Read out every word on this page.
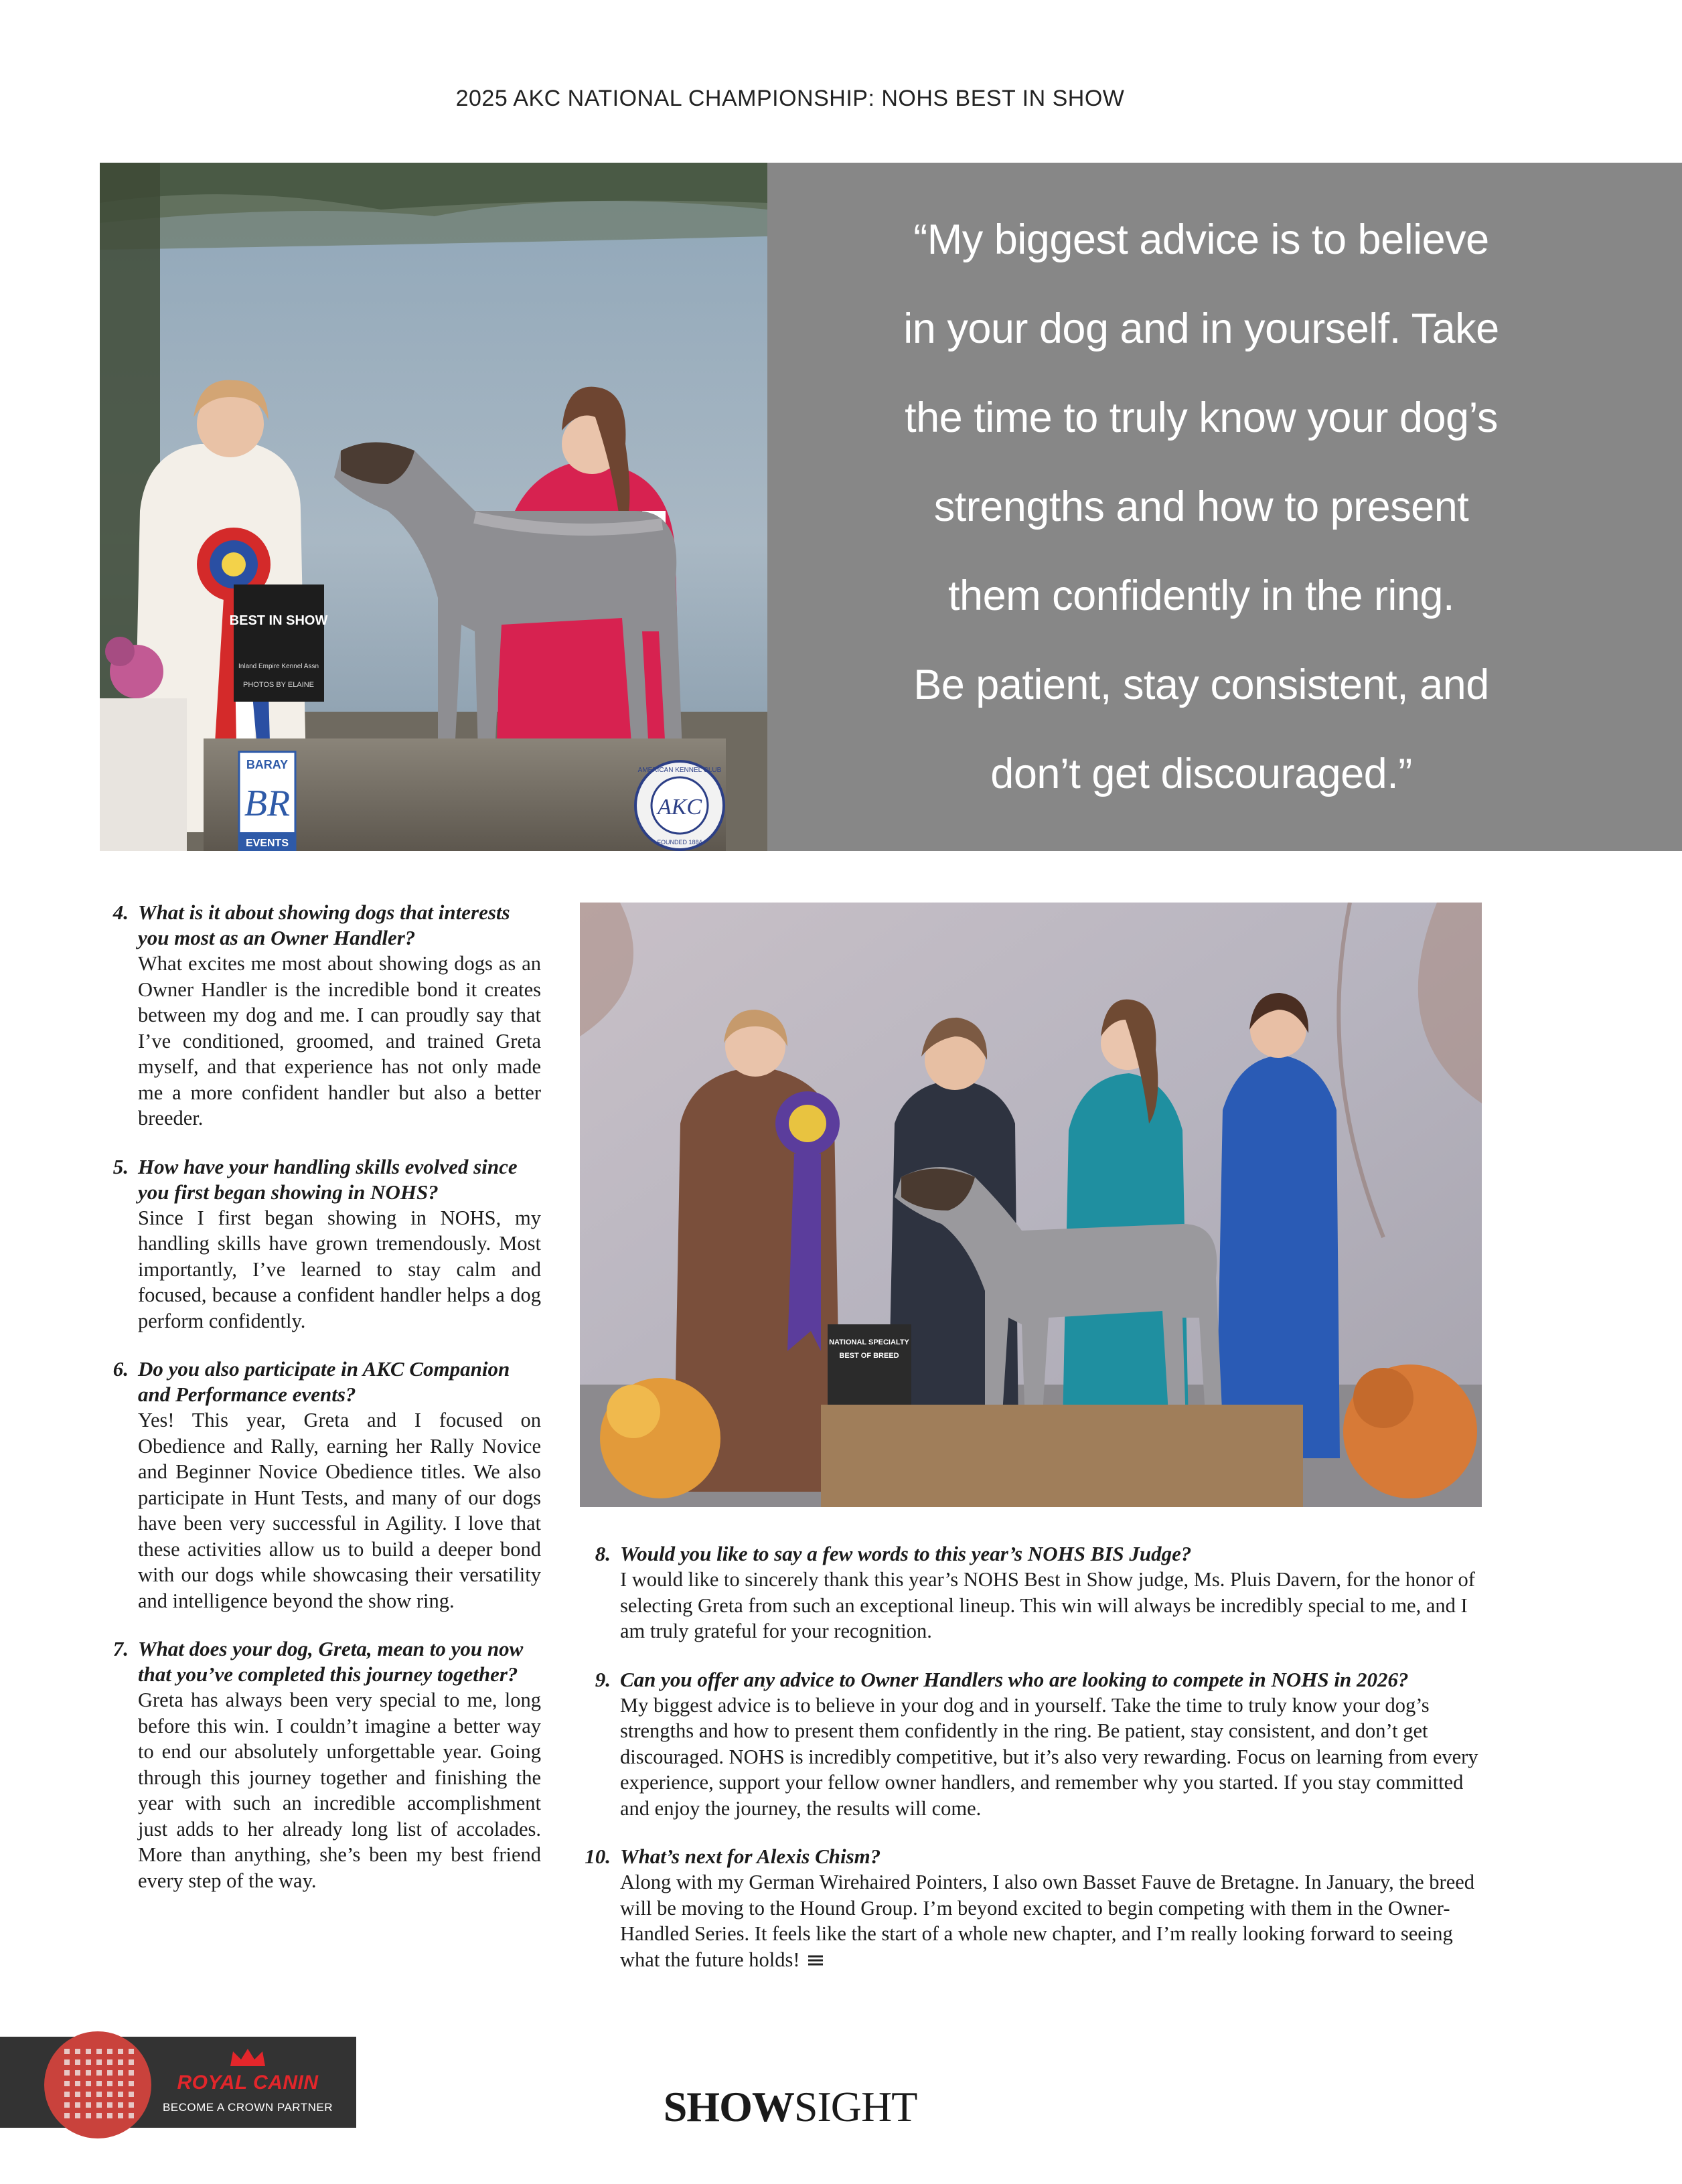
2025 AKC NATIONAL CHAMPIONSHIP: NOHS BEST IN SHOW
BEST IN SHOW
Inland Empire Kennel Assn
PHOTOS BY ELAINE
BARAY
BR
EVENTS
AMERICAN KENNEL CLUB
AKC
FOUNDED 1884
“My biggest advice is to believe
in your dog and in yourself. Take
the time to truly know your dog’s
strengths and how to present
them confidently in the ring.
Be patient, stay consistent, and
don’t get discouraged.”
4. What is it about showing dogs that interests you most as an Owner Handler?
What excites me most about showing dogs as an Owner Handler is the incredible bond it creates between my dog and me. I can proudly say that I’ve conditioned, groomed, and trained Greta myself, and that experience has not only made me a more confident handler but also a better breeder.
5. How have your handling skills evolved since you first began showing in NOHS?
Since I first began showing in NOHS, my handling skills have grown tremendously. Most importantly, I’ve learned to stay calm and focused, because a confident handler helps a dog perform confidently.
6. Do you also participate in AKC Companion and Performance events?
Yes! This year, Greta and I focused on Obedience and Rally, earning her Rally Novice and Beginner Novice Obedience titles. We also participate in Hunt Tests, and many of our dogs have been very successful in Agility. I love that these activities allow us to build a deeper bond with our dogs while showcasing their versatility and intelligence beyond the show ring.
7. What does your dog, Greta, mean to you now that you’ve completed this journey together?
Greta has always been very special to me, long before this win. I couldn’t imagine a better way to end our absolutely unforgettable year. Going through this journey together and finishing the year with such an incredible accomplishment just adds to her already long list of accolades. More than anything, she’s been my best friend every step of the way.
NATIONAL SPECIALTY
BEST OF BREED
8. Would you like to say a few words to this year’s NOHS BIS Judge?
I would like to sincerely thank this year’s NOHS Best in Show judge, Ms. Pluis Davern, for the honor of selecting Greta from such an exceptional lineup. This win will always be incredibly special to me, and I am truly grateful for your recognition.
9. Can you offer any advice to Owner Handlers who are looking to compete in NOHS in 2026?
My biggest advice is to believe in your dog and in yourself. Take the time to truly know your dog’s strengths and how to present them confidently in the ring. Be patient, stay consistent, and don’t get discouraged. NOHS is incredibly competitive, but it’s also very rewarding. Focus on learning from every experience, support your fellow owner handlers, and remember why you started. If you stay committed and enjoy the journey, the results will come.
10. What’s next for Alexis Chism?
Along with my German Wirehaired Pointers, I also own Basset Fauve de Bretagne. In January, the breed will be moving to the Hound Group. I’m beyond excited to begin competing with them in the Owner-Handled Series. It feels like the start of a whole new chapter, and I’m really looking forward to seeing what the future holds!
ROYAL CANIN
BECOME A CROWN PARTNER	SHOWSIGHT
